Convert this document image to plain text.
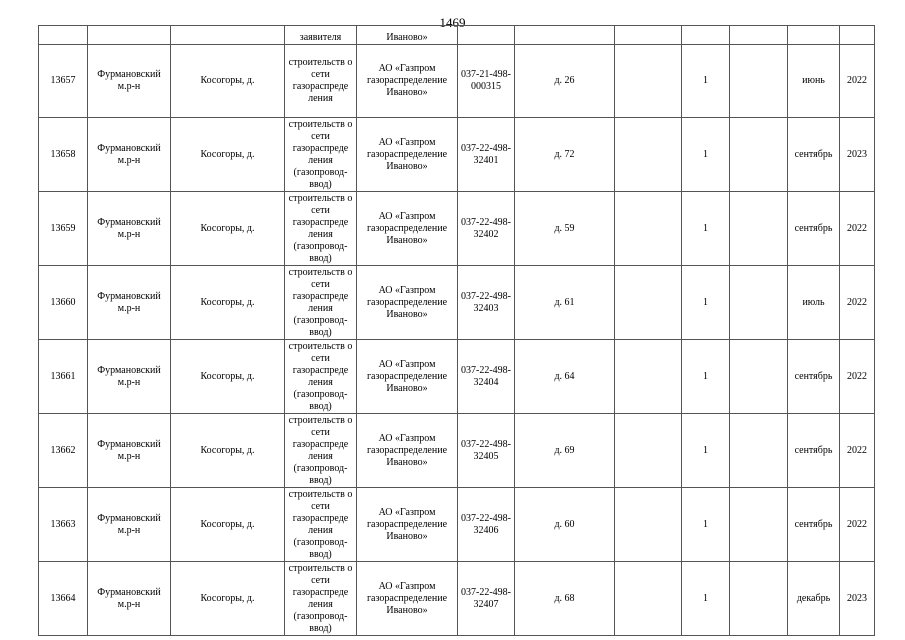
1469
			заявителя	Иваново»							
13657	Фурмановский м.р-н	Косогоры, д.	строительств о сети газораспреде ления	АО «Газпром газораспределение Иваново»	037-21-498-000315	д. 26		1		июнь	2022
13658	Фурмановский м.р-н	Косогоры, д.	строительств о сети газораспреде ления (газопровод-ввод)	АО «Газпром газораспределение Иваново»	037-22-498-32401	д. 72		1		сентябрь	2023
13659	Фурмановский м.р-н	Косогоры, д.	строительств о сети газораспреде ления (газопровод-ввод)	АО «Газпром газораспределение Иваново»	037-22-498-32402	д. 59		1		сентябрь	2022
13660	Фурмановский м.р-н	Косогоры, д.	строительств о сети газораспреде ления (газопровод-ввод)	АО «Газпром газораспределение Иваново»	037-22-498-32403	д. 61		1		июль	2022
13661	Фурмановский м.р-н	Косогоры, д.	строительств о сети газораспреде ления (газопровод-ввод)	АО «Газпром газораспределение Иваново»	037-22-498-32404	д. 64		1		сентябрь	2022
13662	Фурмановский м.р-н	Косогоры, д.	строительств о сети газораспреде ления (газопровод-ввод)	АО «Газпром газораспределение Иваново»	037-22-498-32405	д. 69		1		сентябрь	2022
13663	Фурмановский м.р-н	Косогоры, д.	строительств о сети газораспреде ления (газопровод-ввод)	АО «Газпром газораспределение Иваново»	037-22-498-32406	д. 60		1		сентябрь	2022
13664	Фурмановский м.р-н	Косогоры, д.	строительств о сети газораспреде ления (газопровод-ввод)	АО «Газпром газораспределение Иваново»	037-22-498-32407	д. 68		1		декабрь	2023
